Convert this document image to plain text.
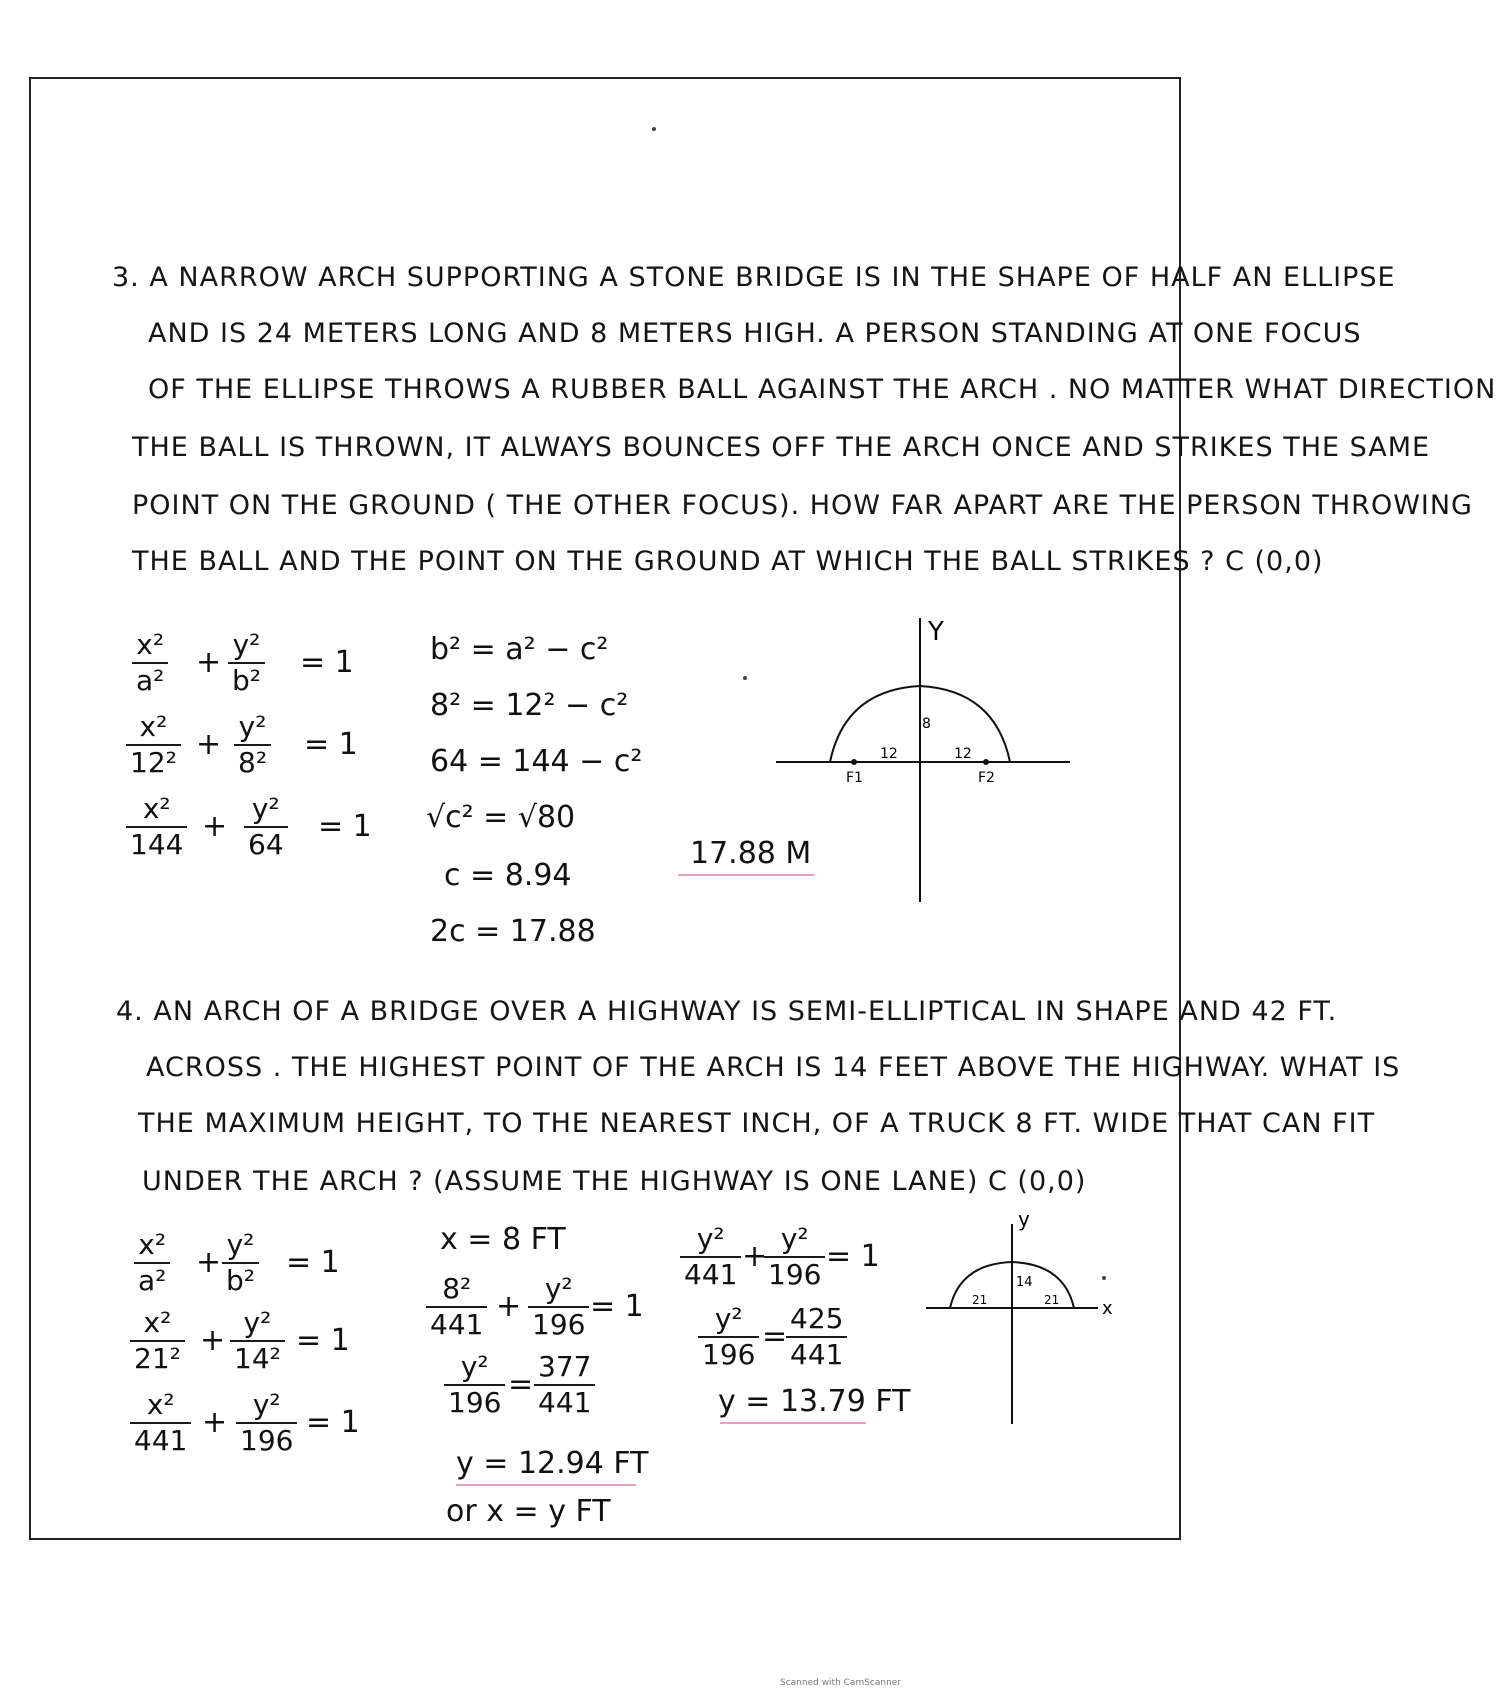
3. A NARROW ARCH SUPPORTING A STONE BRIDGE IS IN THE SHAPE OF HALF AN ELLIPSE
AND IS 24 METERS LONG AND 8 METERS HIGH. A PERSON STANDING AT ONE FOCUS
OF THE ELLIPSE THROWS A RUBBER BALL AGAINST THE ARCH . NO MATTER WHAT DIRECTION
THE BALL IS THROWN, IT ALWAYS BOUNCES OFF THE ARCH ONCE AND STRIKES THE SAME
POINT ON THE GROUND ( THE OTHER FOCUS). HOW FAR APART ARE THE PERSON THROWING
THE BALL AND THE POINT ON THE GROUND AT WHICH THE BALL STRIKES ? C (0,0)
$\frac{\text{x²}}{\text{a²}} + \frac{\text{y²}}{\text{b²}} = 1$
$\frac{\text{x²}}{\text{12²}} + \frac{\text{y²}}{\text{8²}} = 1$
$\frac{\text{x²}}{144} + \frac{\text{y²}}{64} = 1$
b² = a² − c²
8² = 12² − c²
64 = 144 − c²
√c² = √80
c = 8.94
2c = 17.88
17.88 M
Y
8
12	12
F1	F2
4. AN ARCH OF A BRIDGE OVER A HIGHWAY IS SEMI-ELLIPTICAL IN SHAPE AND 42 FT.
ACROSS . THE HIGHEST POINT OF THE ARCH IS 14 FEET ABOVE THE HIGHWAY. WHAT IS
THE MAXIMUM HEIGHT, TO THE NEAREST INCH, OF A TRUCK 8 FT. WIDE THAT CAN FIT
UNDER THE ARCH ? (ASSUME THE HIGHWAY IS ONE LANE) C (0,0)
$\frac{\text{x²}}{\text{a²}} + \frac{\text{y²}}{\text{b²}} = 1$
$\frac{\text{x²}}{\text{21²}} + \frac{\text{y²}}{\text{14²}} = 1$
$\frac{\text{x²}}{441} + \frac{\text{y²}}{196} = 1$
x = 8 FT
$\frac{\text{8²}}{441} + \frac{\text{y²}}{196} = 1$
$\frac{\text{y²}}{196} = \frac{377}{441}$
y = 12.94 FT
or x = y FT
$\frac{\text{y²}}{441}$ +
$\frac{\text{y²}}{196} = 1$
$\frac{\text{y²}}{196}$ =
$\frac{425}{441}$
y = 13.79 FT
y
x
14
21	21
Scanned with CamScanner
